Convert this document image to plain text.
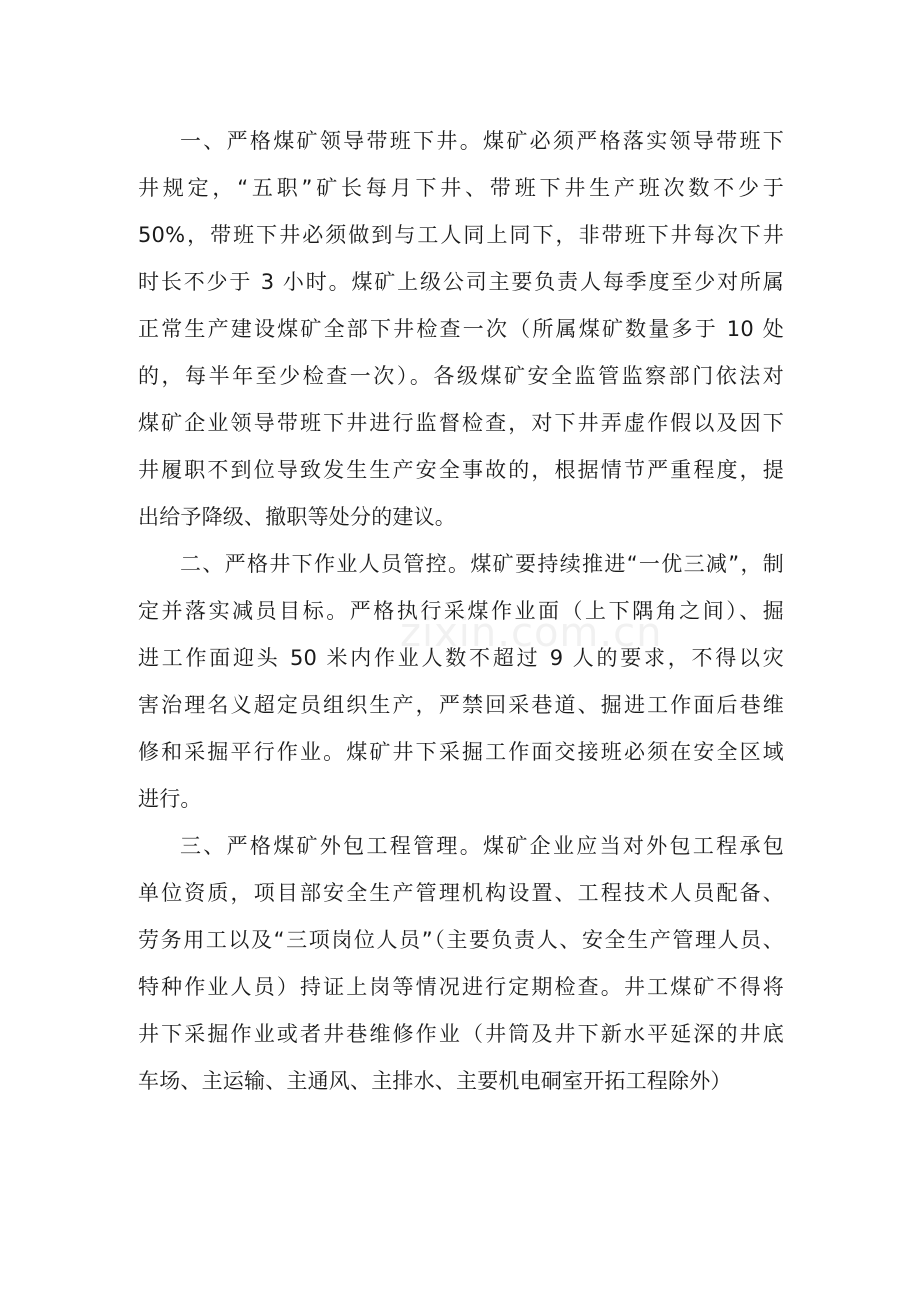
一、严格煤矿领导带班下井。煤矿必须严格落实领导带班下
井规定，“五职”矿长每月下井、带班下井生产班次数不少于
50%，带班下井必须做到与工人同上同下，非带班下井每次下井
时长不少于 3 小时。煤矿上级公司主要负责人每季度至少对所属
正常生产建设煤矿全部下井检查一次（所属煤矿数量多于 10 处
的，每半年至少检查一次）。各级煤矿安全监管监察部门依法对
煤矿企业领导带班下井进行监督检查，对下井弄虚作假以及因下
井履职不到位导致发生生产安全事故的，根据情节严重程度，提
出给予降级、撤职等处分的建议。
二、严格井下作业人员管控。煤矿要持续推进“一优三减”，制
定并落实减员目标。严格执行采煤作业面（上下隅角之间）、掘
进工作面迎头 50 米内作业人数不超过 9 人的要求，不得以灾
害治理名义超定员组织生产，严禁回采巷道、掘进工作面后巷维
修和采掘平行作业。煤矿井下采掘工作面交接班必须在安全区域
进行。
三、严格煤矿外包工程管理。煤矿企业应当对外包工程承包
单位资质，项目部安全生产管理机构设置、工程技术人员配备、
劳务用工以及“三项岗位人员”（主要负责人、安全生产管理人员、
特种作业人员）持证上岗等情况进行定期检查。井工煤矿不得将
井下采掘作业或者井巷维修作业（井筒及井下新水平延深的井底
车场、主运输、主通风、主排水、主要机电硐室开拓工程除外）
zixin.com.cn
